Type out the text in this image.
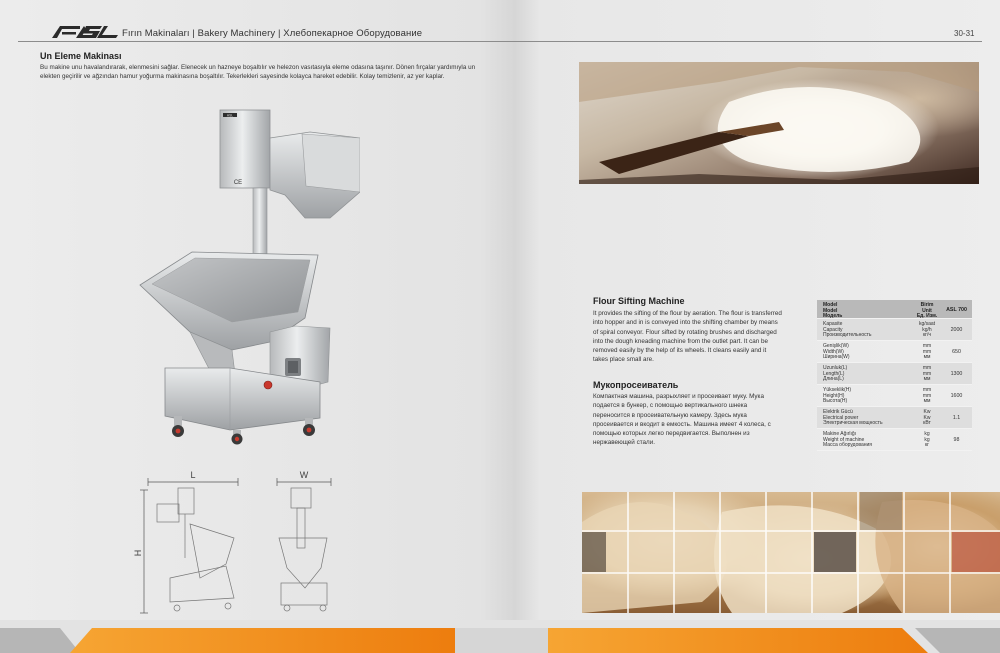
Fırın Makinaları | Bakery Machinery | Хлебопекарное Оборудование	30-31
Un Eleme Makinası
Bu makine unu havalandırarak, elenmesini sağlar. Elenecek un hazneye boşaltılır ve helezon vasıtasıyla eleme odasına taşınır. Dönen fırçalar yardımıyla un elekten geçirilir ve ağzından hamur yoğurma makinasına boşaltılır. Tekerlekleri sayesinde kolayca hareket edebilir. Kolay temizlenir, az yer kaplar.
ASL
CE
L
H
W
Flour Sifting Machine
It provides the sifting of the flour by aeration. The flour is transferred into hopper and in is conveyed into the shifting chamber by means of spiral conveyor. Flour sifted by rotating brushes and discharged into the dough kneading machine from the outlet part. It can be removed easily by the help of its wheels. It cleans easily and it takes place small are.
Мукопросеиватель
Компактная машина, разрыхляет и просеивает муку. Мука подается в бункер, с помощью вертикального шнека переносится в просеивательную камеру. Здесь мука просеивается и вкодит в емкость. Машина имеет 4 колеса, с помощью которых легко передвигается. Выполнен из нержавеющей стали.
Model
Model
Модель
Birim
Unit
Ед. Изм.
ASL 700
Kapasite
Capacity
Производительность
kg/saat
kg/h
кг/ч
2000
Genişlik(W)
Width(W)
Ширина(W)
mm
mm
мм
650
Uzunluk(L)
Length(L)
Длина(L)
mm
mm
мм
1300
Yükseklik(H)
Height(H)
Высота(H)
mm
mm
мм
1600
Elektrik Gücü
Electrical power
Электрическая мощность
Kw
Kw
кВт
1.1
Makine Ağırlığı
Weight of machine
Масса оборудования
kg
kg
кг
98
